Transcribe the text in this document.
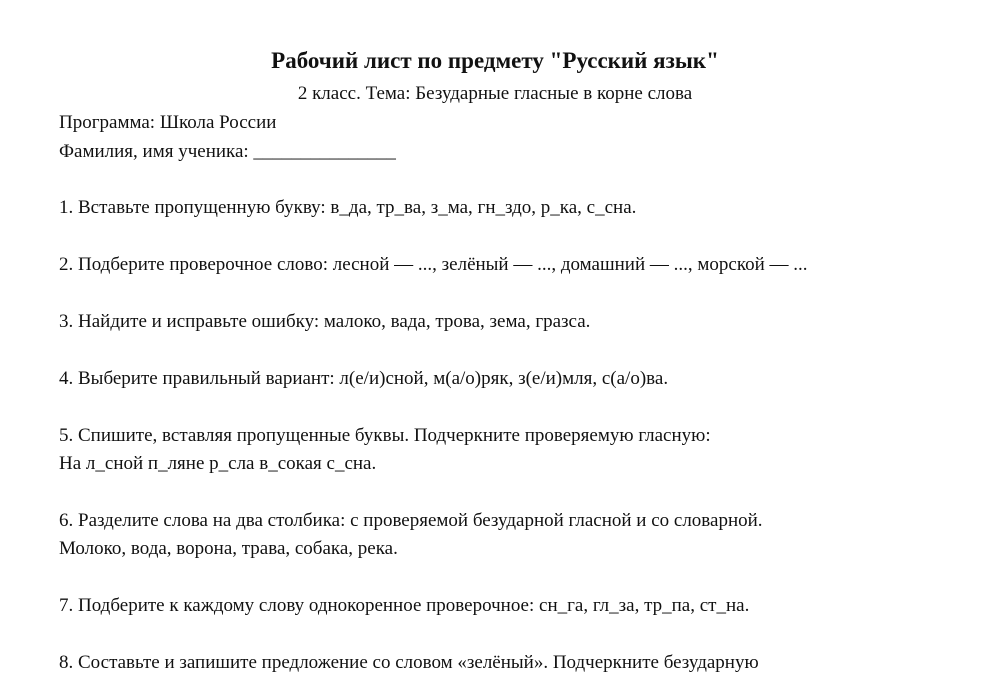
Рабочий лист по предмету "Русский язык"
2 класс. Тема: Безударные гласные в корне слова
Программа: Школа России
Фамилия, имя ученика: _______________
1. Вставьте пропущенную букву: в_да, тр_ва, з_ма, гн_здо, р_ка, с_сна.
2. Подберите проверочное слово: лесной — ..., зелёный — ..., домашний — ..., морской — ...
3. Найдите и исправьте ошибку: малоко, вада, трова, зема, гразса.
4. Выберите правильный вариант: л(е/и)сной, м(а/о)ряк, з(е/и)мля, с(а/о)ва.
5. Спишите, вставляя пропущенные буквы. Подчеркните проверяемую гласную:
На л_сной п_ляне р_сла в_сокая с_сна.
6. Разделите слова на два столбика: с проверяемой безударной гласной и со словарной.
Молоко, вода, ворона, трава, собака, река.
7. Подберите к каждому слову однокоренное проверочное: сн_га, гл_за, тр_па, ст_на.
8. Составьте и запишите предложение со словом «зелёный». Подчеркните безударную
